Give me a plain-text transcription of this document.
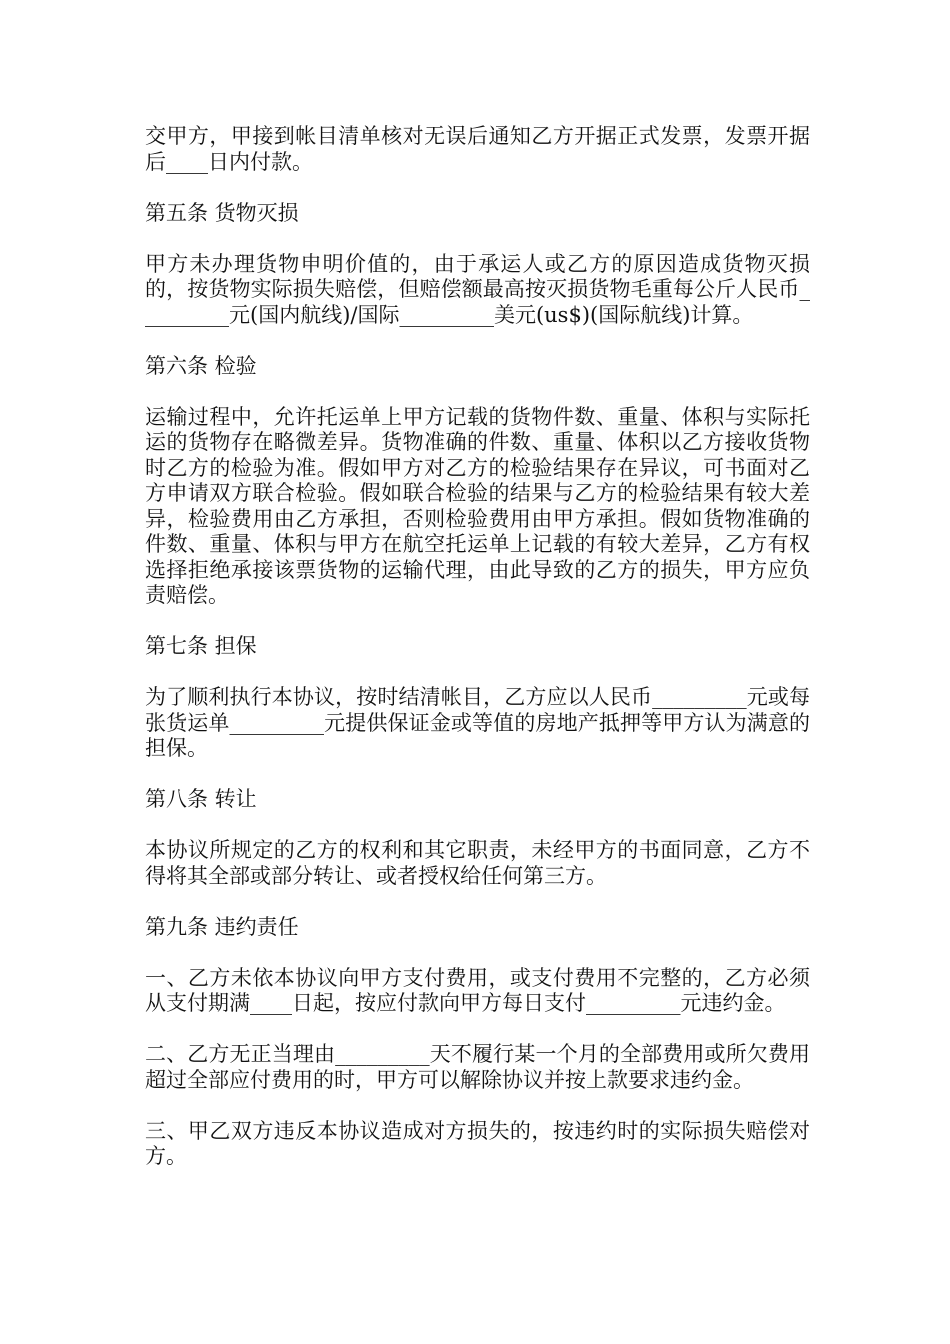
交甲方，甲接到帐目清单核对无误后通知乙方开据正式发票，发票开据后____日内付款。

第五条 货物灭损

甲方未办理货物申明价值的，由于承运人或乙方的原因造成货物灭损的，按货物实际损失赔偿，但赔偿额最高按灭损货物毛重每公斤人民币_________元(国内航线)/国际_________美元(us$)(国际航线)计算。

第六条 检验

运输过程中，允许托运单上甲方记载的货物件数、重量、体积与实际托运的货物存在略微差异。货物准确的件数、重量、体积以乙方接收货物时乙方的检验为准。假如甲方对乙方的检验结果存在异议，可书面对乙方申请双方联合检验。假如联合检验的结果与乙方的检验结果有较大差异，检验费用由乙方承担，否则检验费用由甲方承担。假如货物准确的件数、重量、体积与甲方在航空托运单上记载的有较大差异，乙方有权选择拒绝承接该票货物的运输代理，由此导致的乙方的损失，甲方应负责赔偿。

第七条 担保

为了顺利执行本协议，按时结清帐目，乙方应以人民币_________元或每张货运单_________元提供保证金或等值的房地产抵押等甲方认为满意的担保。

第八条 转让

本协议所规定的乙方的权利和其它职责，未经甲方的书面同意，乙方不得将其全部或部分转让、或者授权给任何第三方。

第九条 违约责任

一、乙方未依本协议向甲方支付费用，或支付费用不完整的，乙方必须从支付期满____日起，按应付款向甲方每日支付_________元违约金。

二、乙方无正当理由_________天不履行某一个月的全部费用或所欠费用超过全部应付费用的时，甲方可以解除协议并按上款要求违约金。

三、甲乙双方违反本协议造成对方损失的，按违约时的实际损失赔偿对方。
